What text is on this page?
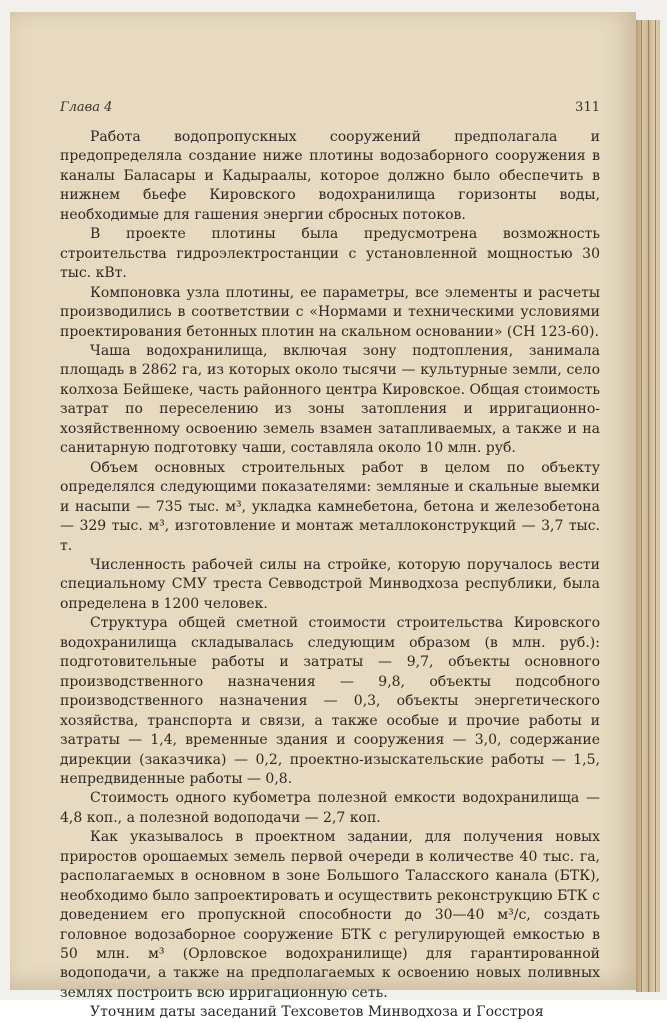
Глава 4	311

Работа водопропускных сооружений предполагала и предопределяла создание ниже плотины водозаборного сооружения в каналы Баласары и Кадыраалы, которое должно было обеспечить в нижнем бьефе Кировского водохранилища горизонты воды, необходимые для гашения энергии сбросных потоков.

В проекте плотины была предусмотрена возможность строительства гидроэлектростанции с установленной мощностью 30 тыс. кВт.

Компоновка узла плотины, ее параметры, все элементы и расчеты производились в соответствии с «Нормами и техническими условиями проектирования бетонных плотин на скальном основании» (СН 123-60).

Чаша водохранилища, включая зону подтопления, занимала площадь в 2862 га, из которых около тысячи — культурные земли, село колхоза Бейшеке, часть районного центра Кировское. Общая стоимость затрат по переселению из зоны затопления и ирригационно-хозяйственному освоению земель взамен затапливаемых, а также и на санитарную подготовку чаши, составляла около 10 млн. руб.

Объем основных строительных работ в целом по объекту определялся следующими показателями: земляные и скальные выемки и насыпи — 735 тыс. м³, укладка камнебетона, бетона и железобетона — 329 тыс. м³, изготовление и монтаж металлоконструкций — 3,7 тыс. т.

Численность рабочей силы на стройке, которую поручалось вести специальному СМУ треста Севводстрой Минводхоза республики, была определена в 1200 человек.

Структура общей сметной стоимости строительства Кировского водохранилища складывалась следующим образом (в млн. руб.): подготовительные работы и затраты — 9,7, объекты основного производственного назначения — 9,8, объекты подсобного производственного назначения — 0,3, объекты энергетического хозяйства, транспорта и связи, а также особые и прочие работы и затраты — 1,4, временные здания и сооружения — 3,0, содержание дирекции (заказчика) — 0,2, проектно-изыскательские работы — 1,5, непредвиденные работы — 0,8.

Стоимость одного кубометра полезной емкости водохранилища — 4,8 коп., а полезной водоподачи — 2,7 коп.

Как указывалось в проектном задании, для получения новых приростов орошаемых земель первой очереди в количестве 40 тыс. га, располагаемых в основном в зоне Большого Таласского канала (БТК), необходимо было запроектировать и осуществить реконструкцию БТК с доведением его пропускной способности до 30—40 м³/с, создать головное водозаборное сооружение БТК с регулирующей емкостью в 50 млн. м³ (Орловское водохранилище) для гарантированной водоподачи, а также на предполагаемых к освоению новых поливных землях построить всю ирригационную сеть.

Уточним даты заседаний Техсоветов Минводхоза и Госстроя
